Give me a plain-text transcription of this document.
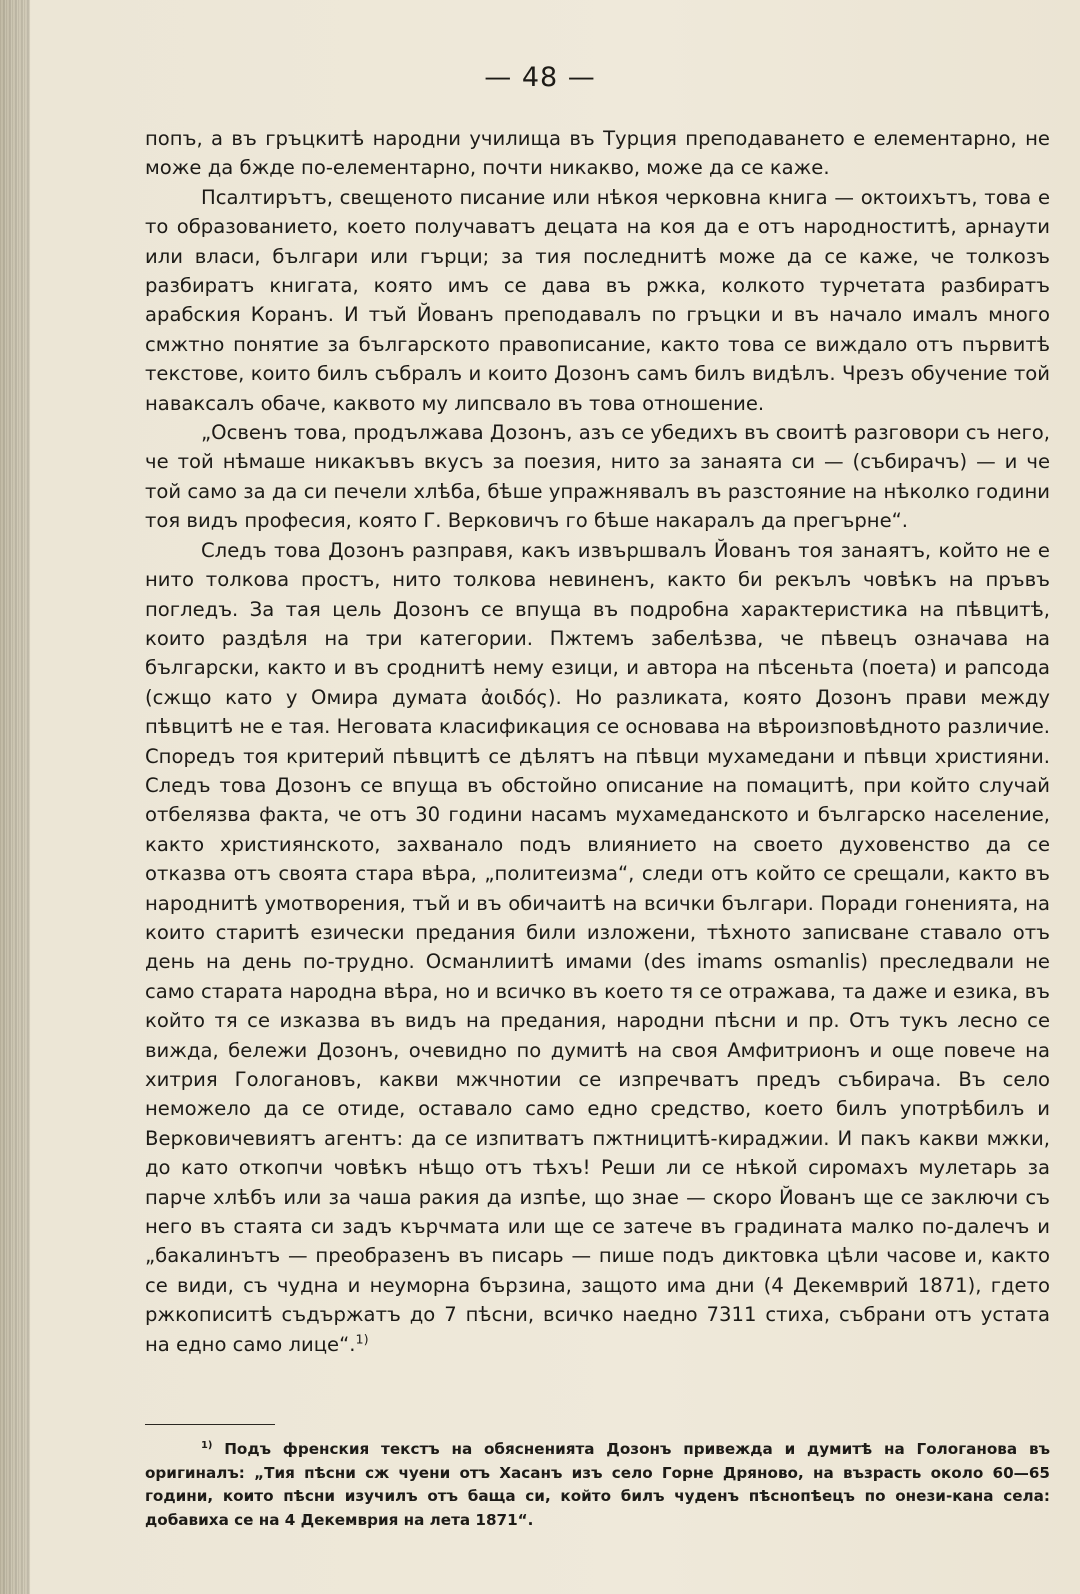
— 48 —

попъ, а въ гръцкитѣ народни училища въ Турция преподаването е елементарно, не може да бжде по-елементарно, почти никакво, може да се каже.

Псалтирътъ, свещеното писание или нѣкоя черковна книга — октоихътъ, това е то образованието, което получаватъ децата на коя да е отъ народноститѣ, арнаути или власи, българи или гърци; за тия последнитѣ може да се каже, че толкозъ разбиратъ книгата, която имъ се дава въ ржка, колкото турчетата разбиратъ арабския Коранъ. И тъй Йованъ преподавалъ по гръцки и въ начало ималъ много смжтно понятие за българското правописание, както това се виждало отъ първитѣ текстове, които билъ събралъ и които Дозонъ самъ билъ видѣлъ. Чрезъ обучение той наваксалъ обаче, каквото му липсвало въ това отношение.

„Освенъ това, продължава Дозонъ, азъ се убедихъ въ своитѣ разговори съ него, че той нѣмаше никакъвъ вкусъ за поезия, нито за занаята си — (събирачъ) — и че той само за да си печели хлѣба, бѣше упражнявалъ въ разстояние на нѣколко години тоя видъ професия, която Г. Верковичъ го бѣше накаралъ да прегърне“.

Следъ това Дозонъ разправя, какъ извършвалъ Йованъ тоя занаятъ, който не е нито толкова простъ, нито толкова невиненъ, както би рекълъ човѣкъ на пръвъ погледъ. За тая цель Дозонъ се впуща въ подробна характеристика на пѣвцитѣ, които раздѣля на три категории. Пжтемъ забелѣзва, че пѣвецъ означава на български, както и въ сроднитѣ нему езици, и автора на пѣсеньта (поета) и рапсода (сжщо като у Омира думата ἀοιδός). Но разликата, която Дозонъ прави между пѣвцитѣ не е тая. Неговата класификация се основава на вѣроизповѣдното различие. Споредъ тоя критерий пѣвцитѣ се дѣлятъ на пѣвци мухамедани и пѣвци християни. Следъ това Дозонъ се впуща въ обстойно описание на помацитѣ, при който случай отбелязва факта, че отъ 30 години насамъ мухамеданското и българско население, както християнското, захванало подъ влиянието на своето духовенство да се отказва отъ своята стара вѣра, „политеизма“, следи отъ който се срещали, както въ народнитѣ умотворения, тъй и въ обичаитѣ на всички българи. Поради гоненията, на които старитѣ езически предания били изложени, тѣхното записване ставало отъ день на день по-трудно. Османлиитѣ имами (des imams osmanlis) преследвали не само старата народна вѣра, но и всичко въ което тя се отражава, та даже и езика, въ който тя се изказва въ видъ на предания, народни пѣсни и пр. Отъ тукъ лесно се вижда, бележи Дозонъ, очевидно по думитѣ на своя Амфитрионъ и още повече на хитрия Гологановъ, какви мжчнотии се изпречватъ предъ събирача. Въ село неможело да се отиде, оставало само едно средство, което билъ употрѣбилъ и Верковичевиятъ агентъ: да се изпитватъ пжтницитѣ-кираджии. И пакъ какви мжки, до като откопчи човѣкъ нѣщо отъ тѣхъ! Реши ли се нѣкой сиромахъ мулетарь за парче хлѣбъ или за чаша ракия да изпѣе, що знае — скоро Йованъ ще се заключи съ него въ стаята си задъ кърчмата или ще се затече въ градината малко по-далечъ и „бакалинътъ — преобразенъ въ писарь — пише подъ диктовка цѣли часове и, както се види, съ чудна и неуморна бързина, защото има дни (4 Декемврий 1871), гдето ржкописитѣ съдържатъ до 7 пѣсни, всичко наедно 7311 стиха, събрани отъ устата на едно само лице“.$^{1)}$

$^{1)}$ Подъ френския текстъ на обясненията Дозонъ привежда и думитѣ на Гологанова въ оригиналъ: „Тия пѣсни сж чуени отъ Хасанъ изъ село Горне Дряново, на възрасть около 60—65 години, които пѣсни изучилъ отъ баща си, който билъ чуденъ пѣснопѣецъ по онези-кана села: добавиха се на 4 Декемврия на лета 1871“.
